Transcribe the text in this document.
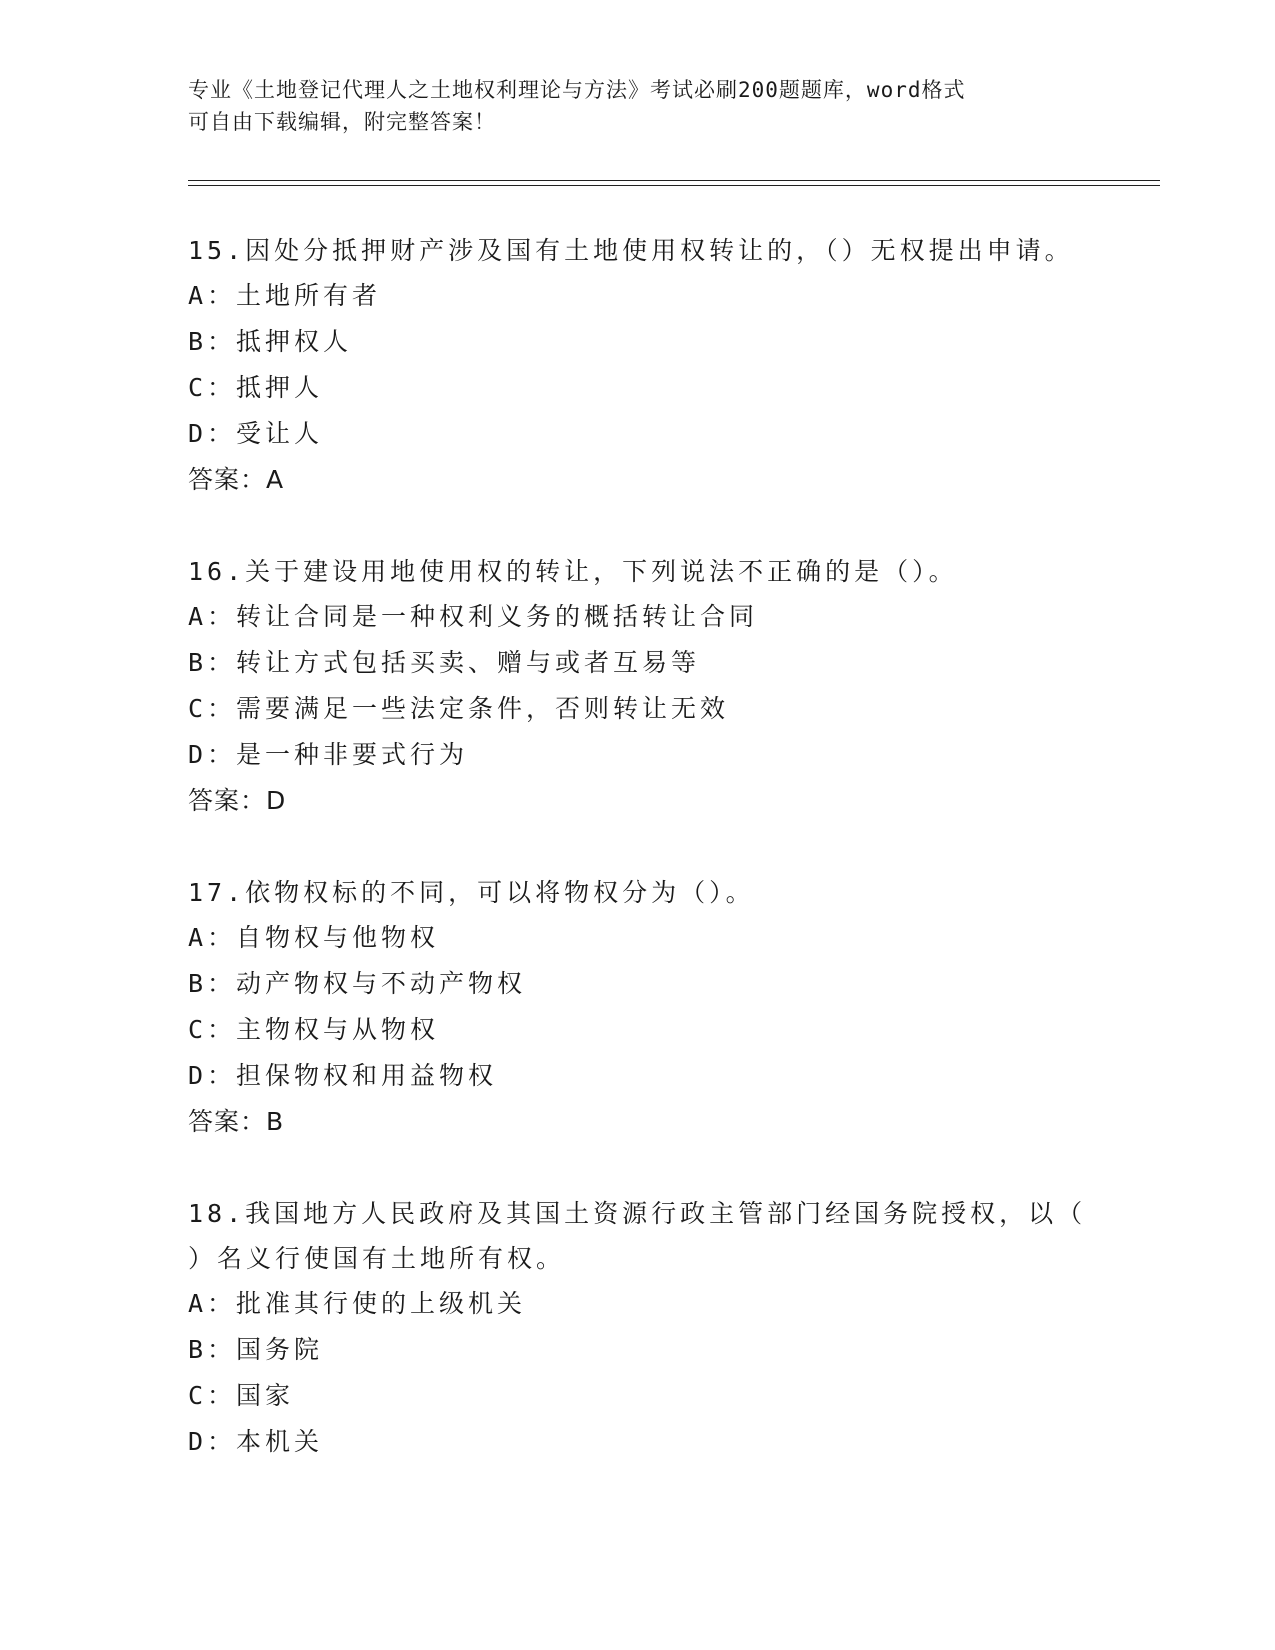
专业《土地登记代理人之土地权利理论与方法》考试必刷200题题库，word格式

可自由下载编辑，附完整答案！

15.因处分抵押财产涉及国有土地使用权转让的，（）无权提出申请。
A：土地所有者
B：抵押权人
C：抵押人
D：受让人
答案：A
16.关于建设用地使用权的转让，下列说法不正确的是（）。
A：转让合同是一种权利义务的概括转让合同
B：转让方式包括买卖、赠与或者互易等
C：需要满足一些法定条件，否则转让无效
D：是一种非要式行为
答案：D
17.依物权标的不同，可以将物权分为（）。
A：自物权与他物权
B：动产物权与不动产物权
C：主物权与从物权
D：担保物权和用益物权
答案：B
18.我国地方人民政府及其国土资源行政主管部门经国务院授权，以（
）名义行使国有土地所有权。
A：批准其行使的上级机关
B：国务院
C：国家
D：本机关
